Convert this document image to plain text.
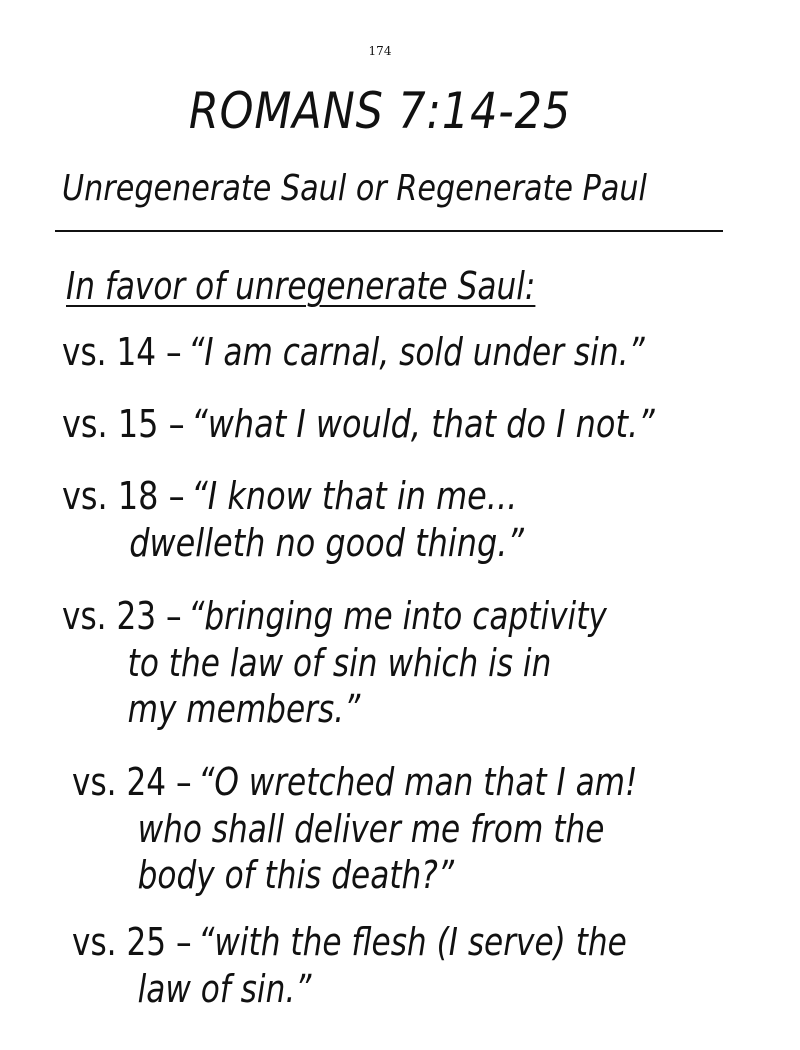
174
ROMANS 7:14-25
Unregenerate Saul or Regenerate Paul
In favor of unregenerate Saul:
vs. 14 – “I am carnal, sold under sin.”
vs. 15 – “what I would, that do I not.”
vs. 18 – “I know that in me...
dwelleth no good thing.”
vs. 23 – “bringing me into captivity
to the law of sin which is in
my members.”
vs. 24 – “O wretched man that I am!
who shall deliver me from the
body of this death?”
vs. 25 – “with the flesh (I serve) the
law of sin.”
